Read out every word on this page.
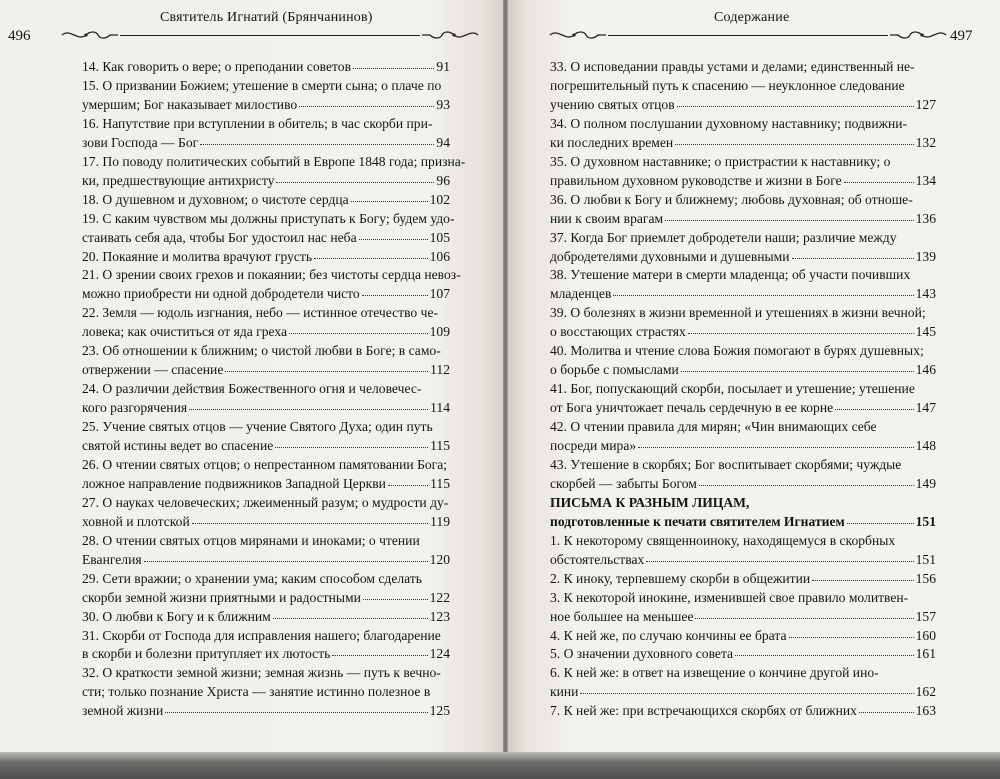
Святитель Игнатий (Брянчанинов)
496
14. Как говорить о вере; о преподании советов	91
15. О призвании Божием; утешение в смерти сына; о плаче по
умершим; Бог наказывает милостиво	93
16. Напутствие при вступлении в обитель; в час скорби при-
зови Господа — Бог	94
17. По поводу политических событий в Европе 1848 года; призна-
ки, предшествующие антихристу	96
18. О душевном и духовном; о чистоте сердца	102
19. С каким чувством мы должны приступать к Богу; будем удо-
стаивать себя ада, чтобы Бог удостоил нас неба	105
20. Покаяние и молитва врачуют грусть	106
21. О зрении своих грехов и покаянии; без чистоты сердца невоз-
можно приобрести ни одной добродетели чисто	107
22. Земля — юдоль изгнания, небо — истинное отечество че-
ловека; как очиститься от яда греха	109
23. Об отношении к ближним; о чистой любви в Боге; в само-
отвержении — спасение	112
24. О различии действия Божественного огня и человечес-
кого разгорячения	114
25. Учение святых отцов — учение Святого Духа; один путь
святой истины ведет во спасение	115
26. О чтении святых отцов; о непрестанном памятовании Бога;
ложное направление подвижников Западной Церкви	115
27. О науках человеческих; лжеименный разум; о мудрости ду-
ховной и плотской	119
28. О чтении святых отцов мирянами и иноками; о чтении
Евангелия	120
29. Сети вражии; о хранении ума; каким способом сделать
скорби земной жизни приятными и радостными	122
30. О любви к Богу и к ближним	123
31. Скорби от Господа для исправления нашего; благодарение
в скорби и болезни притупляет их лютость	124
32. О краткости земной жизни; земная жизнь — путь к вечно-
сти; только познание Христа — занятие истинно полезное в
земной жизни	125
Содержание
497
33. О исповедании правды устами и делами; единственный не-
погрешительный путь к спасению — неуклонное следование
учению святых отцов	127
34. О полном послушании духовному наставнику; подвижни-
ки последних времен	132
35. О духовном наставнике; о пристрастии к наставнику; о
правильном духовном руководстве и жизни в Боге	134
36. О любви к Богу и ближнему; любовь духовная; об отноше-
нии к своим врагам	136
37. Когда Бог приемлет добродетели наши; различие между
добродетелями духовными и душевными	139
38. Утешение матери в смерти младенца; об участи почивших
младенцев	143
39. О болезнях в жизни временной и утешениях в жизни вечной;
о восстающих страстях	145
40. Молитва и чтение слова Божия помогают в бурях душевных;
о борьбе с помыслами	146
41. Бог, попускающий скорби, посылает и утешение; утешение
от Бога уничтожает печаль сердечную в ее корне	147
42. О чтении правила для мирян; «Чин внимающих себе
посреди мира»	148
43. Утешение в скорбях; Бог воспитывает скорбями; чуждые
скорбей — забыты Богом	149
ПИСЬМА К РАЗНЫМ ЛИЦАМ,
подготовленные к печати святителем Игнатием	151
1. К некоторому священноиноку, находящемуся в скорбных
обстоятельствах	151
2. К иноку, терпевшему скорби в общежитии	156
3. К некоторой инокине, изменившей свое правило молитвен-
ное большее на меньшее	157
4. К ней же, по случаю кончины ее брата	160
5. О значении духовного совета	161
6. К ней же: в ответ на извещение о кончине другой ино-
кини	162
7. К ней же: при встречающихся скорбях от ближних	163
